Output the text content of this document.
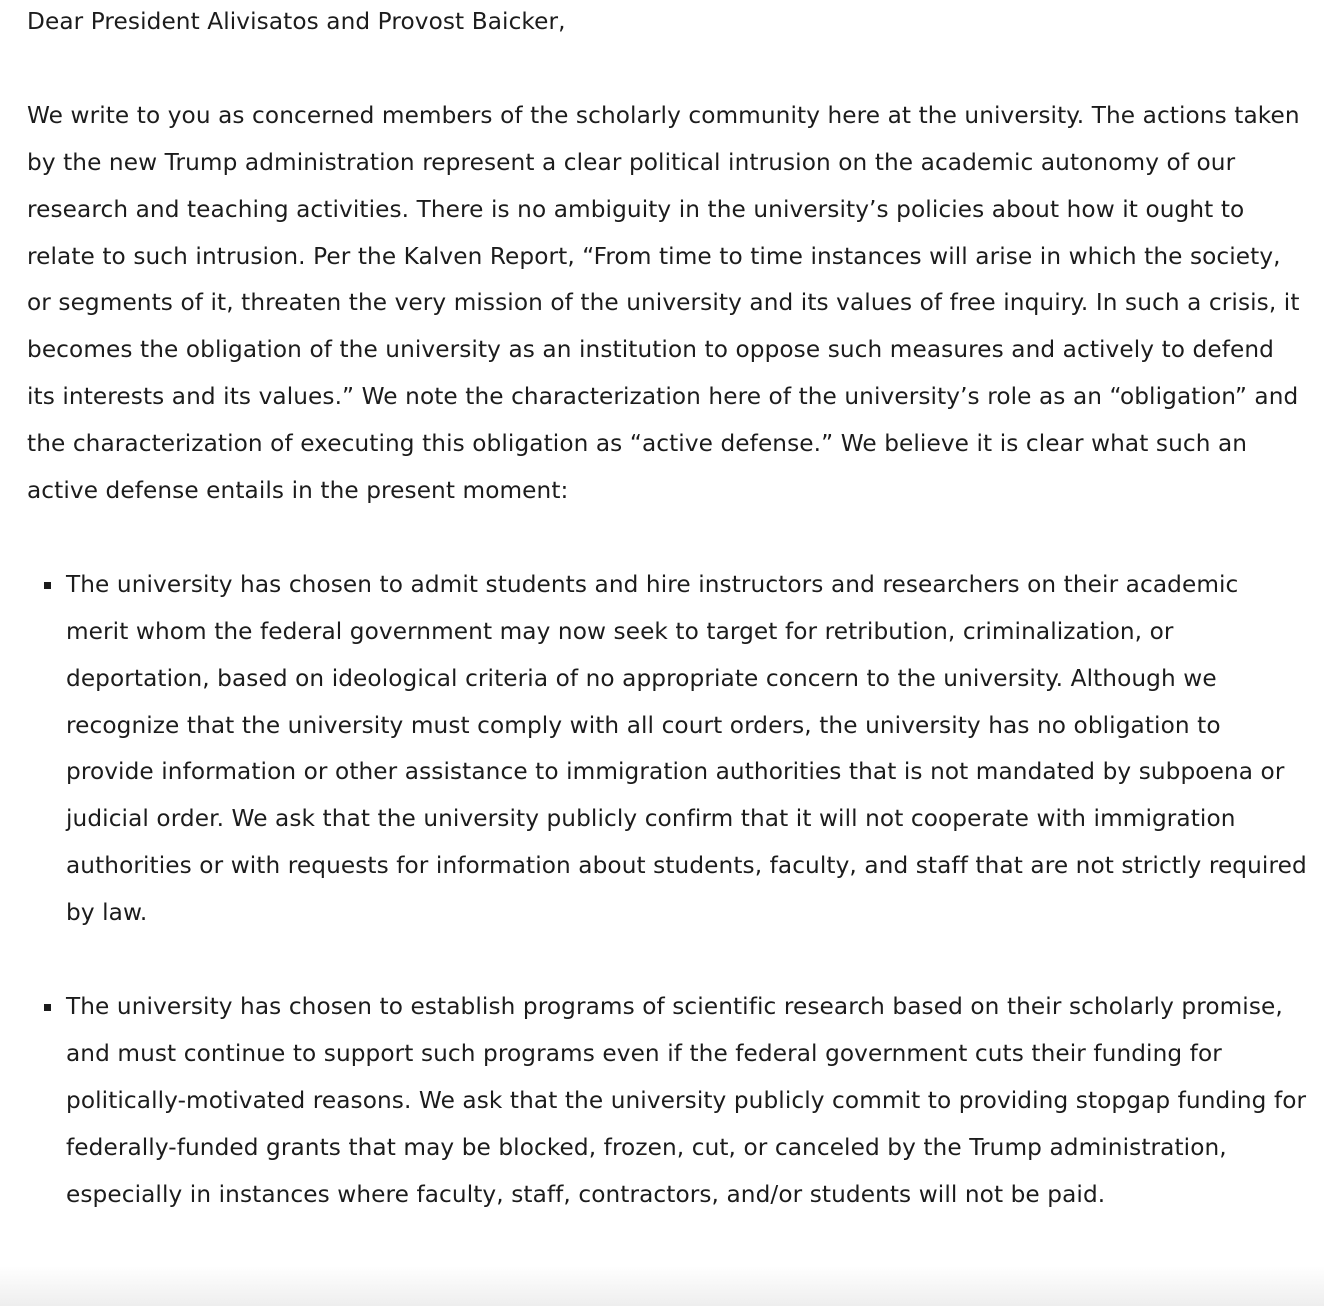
Dear President Alivisatos and Provost Baicker,

We write to you as concerned members of the scholarly community here at the university. The actions taken by the new Trump administration represent a clear political intrusion on the academic autonomy of our research and teaching activities. There is no ambiguity in the university’s policies about how it ought to relate to such intrusion. Per the Kalven Report, “From time to time instances will arise in which the society, or segments of it, threaten the very mission of the university and its values of free inquiry. In such a crisis, it becomes the obligation of the university as an institution to oppose such measures and actively to defend its interests and its values.” We note the characterization here of the university’s role as an “obligation” and the characterization of executing this obligation as “active defense.” We believe it is clear what such an active defense entails in the present moment:

The university has chosen to admit students and hire instructors and researchers on their academic merit whom the federal government may now seek to target for retribution, criminalization, or deportation, based on ideological criteria of no appropriate concern to the university. Although we recognize that the university must comply with all court orders, the university has no obligation to provide information or other assistance to immigration authorities that is not mandated by subpoena or judicial order. We ask that the university publicly confirm that it will not cooperate with immigration authorities or with requests for information about students, faculty, and staff that are not strictly required by law.
The university has chosen to establish programs of scientific research based on their scholarly promise, and must continue to support such programs even if the federal government cuts their funding for politically-motivated reasons. We ask that the university publicly commit to providing stopgap funding for federally-funded grants that may be blocked, frozen, cut, or canceled by the Trump administration, especially in instances where faculty, staff, contractors, and/or students will not be paid.
